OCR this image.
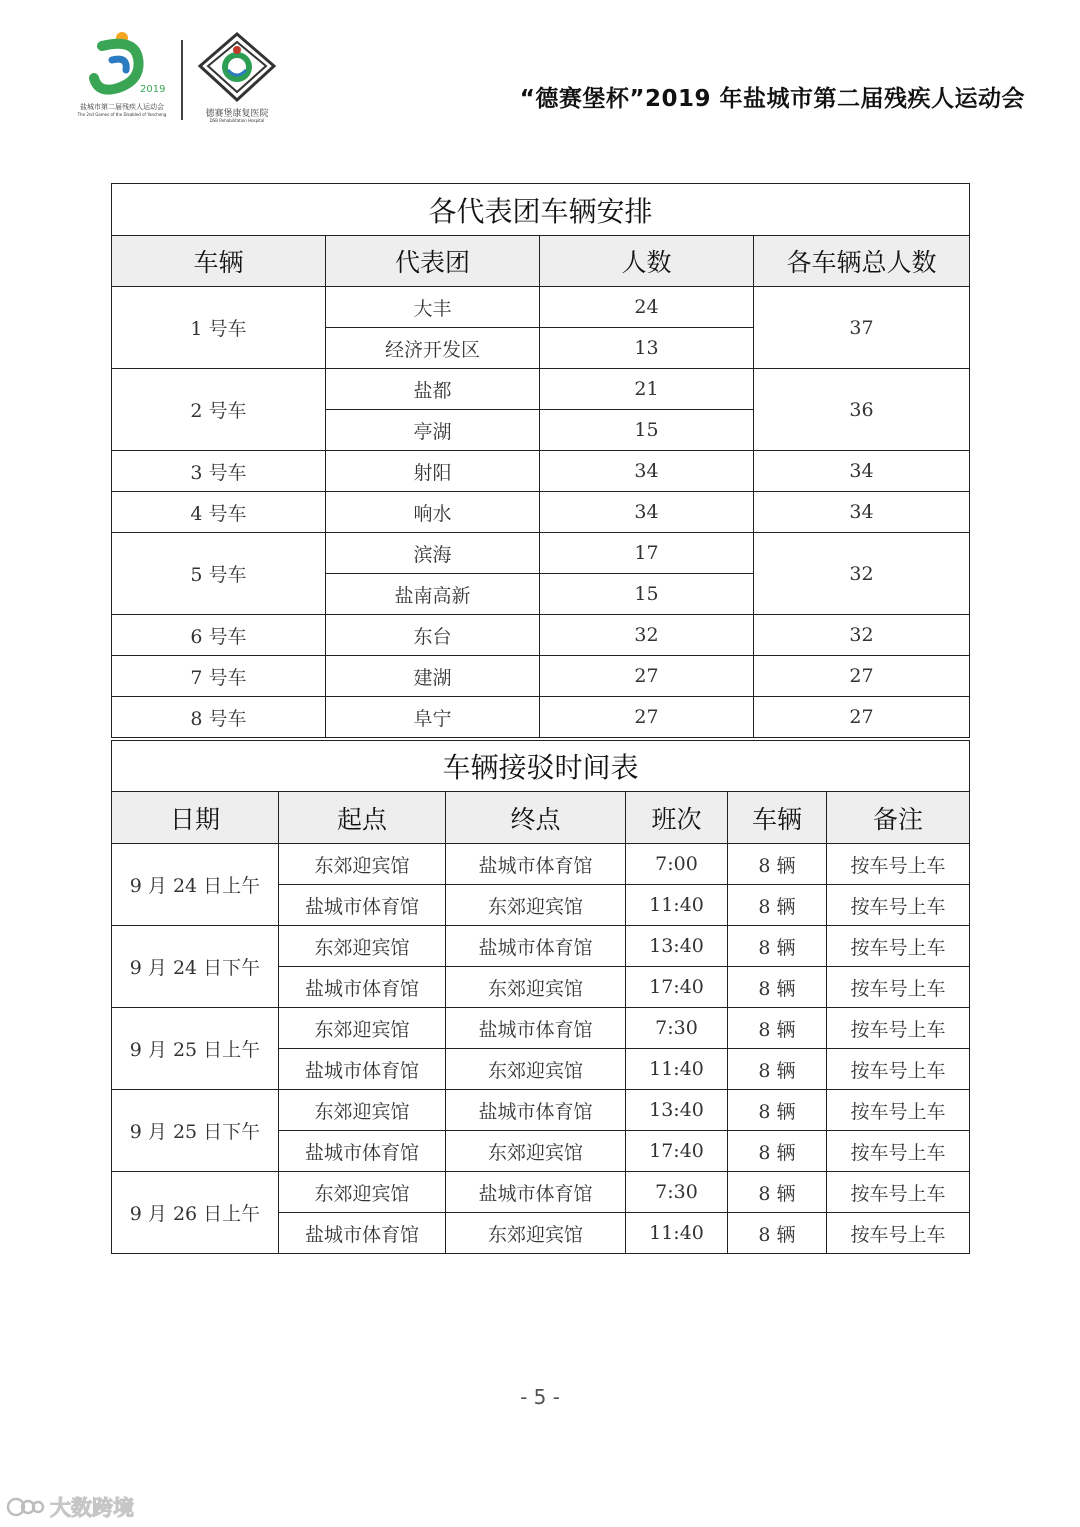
2019
盐城市第二届残疾人运动会
The 2nd Games of the Disabled of Yancheng	德赛堡康复医院
DSB Rehabilitation Hospital
“德赛堡杯”2019 年盐城市第二届残疾人运动会
各代表团车辆安排			
车辆	代表团	人数	各车辆总人数
1 号车	大丰	24	37
	经济开发区	13	
2 号车	盐都	21	36
	亭湖	15	
3 号车	射阳	34	34
4 号车	响水	34	34
5 号车	滨海	17	32
	盐南高新	15	
6 号车	东台	32	32
7 号车	建湖	27	27
8 号车	阜宁	27	27
车辆接驳时间表					
日期	起点	终点	班次	车辆	备注
9 月 24 日上午	东郊迎宾馆	盐城市体育馆	7:00	8 辆	按车号上车
	盐城市体育馆	东郊迎宾馆	11:40	8 辆	按车号上车
9 月 24 日下午	东郊迎宾馆	盐城市体育馆	13:40	8 辆	按车号上车
	盐城市体育馆	东郊迎宾馆	17:40	8 辆	按车号上车
9 月 25 日上午	东郊迎宾馆	盐城市体育馆	7:30	8 辆	按车号上车
	盐城市体育馆	东郊迎宾馆	11:40	8 辆	按车号上车
9 月 25 日下午	东郊迎宾馆	盐城市体育馆	13:40	8 辆	按车号上车
	盐城市体育馆	东郊迎宾馆	17:40	8 辆	按车号上车
9 月 26 日上午	东郊迎宾馆	盐城市体育馆	7:30	8 辆	按车号上车
	盐城市体育馆	东郊迎宾馆	11:40	8 辆	按车号上车
- 5 -
大数跨境
